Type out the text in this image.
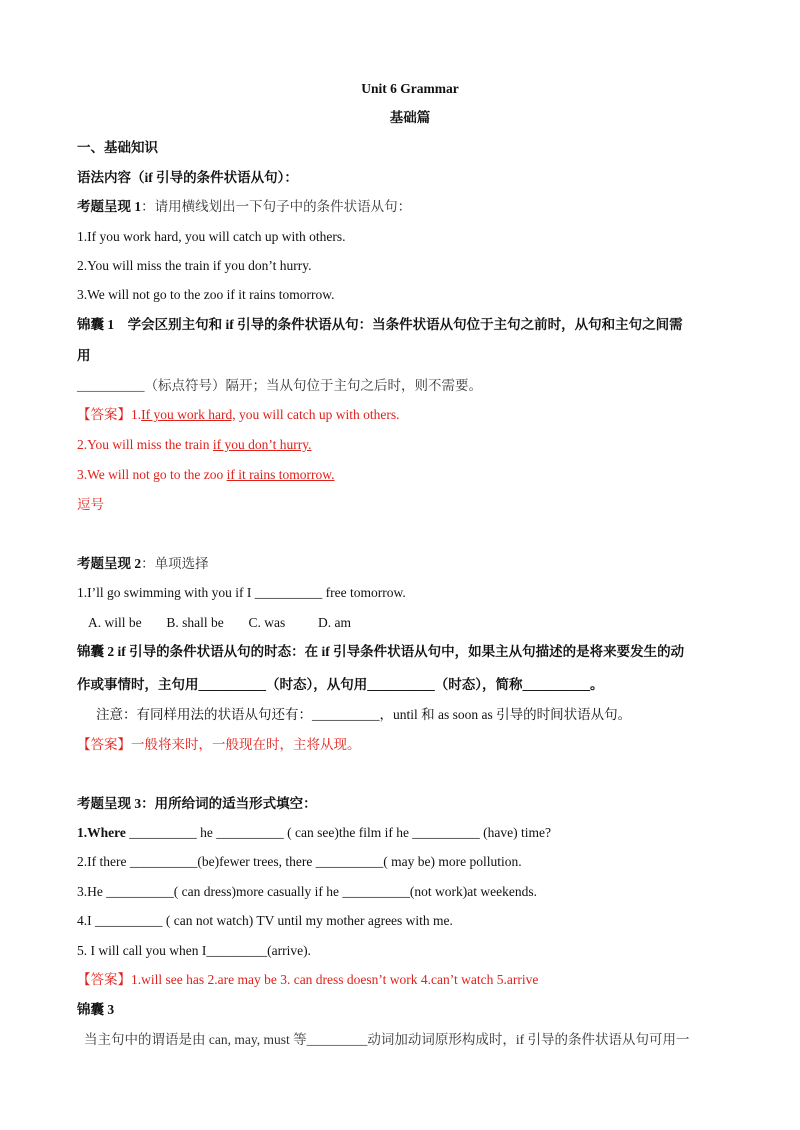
Unit 6 Grammar
基础篇
一、基础知识
语法内容（if 引导的条件状语从句）：
考题呈现 1：请用横线划出一下句子中的条件状语从句：
1.If you work hard, you will catch up with others.
2.You will miss the train if you don’t hurry.
3.We will not go to the zoo if it rains tomorrow.
锦囊 1 学会区别主句和 if 引导的条件状语从句：当条件状语从句位于主句之前时，从句和主句之间需
用
__________（标点符号）隔开；当从句位于主句之后时，则不需要。
【答案】1.If you work hard, you will catch up with others.
2.You will miss the train if you don’t hurry.
3.We will not go to the zoo if it rains tomorrow.
逗号
考题呈现 2：单项选择
1.I’ll go swimming with you if I __________ free tomorrow.
A. will be B. shall be C. was D. am
锦囊 2 if 引导的条件状语从句的时态：在 if 引导条件状语从句中，如果主从句描述的是将来要发生的动
作或事情时，主句用__________（时态），从句用__________（时态），简称__________。
注意：有同样用法的状语从句还有：__________，until 和 as soon as 引导的时间状语从句。
【答案】一般将来时，一般现在时，主将从现。
考题呈现 3：用所给词的适当形式填空：
1.Where __________ he __________ ( can see)the film if he __________ (have) time?
2.If there __________(be)fewer trees, there __________( may be) more pollution.
3.He __________( can dress)more casually if he __________(not work)at weekends.
4.I __________ ( can not watch) TV until my mother agrees with me.
5. I will call you when I_________(arrive).
【答案】1.will see has 2.are may be 3. can dress doesn’t work 4.can’t watch 5.arrive
锦囊 3
当主句中的谓语是由 can, may, must 等_________动词加动词原形构成时，if 引导的条件状语从句可用一
